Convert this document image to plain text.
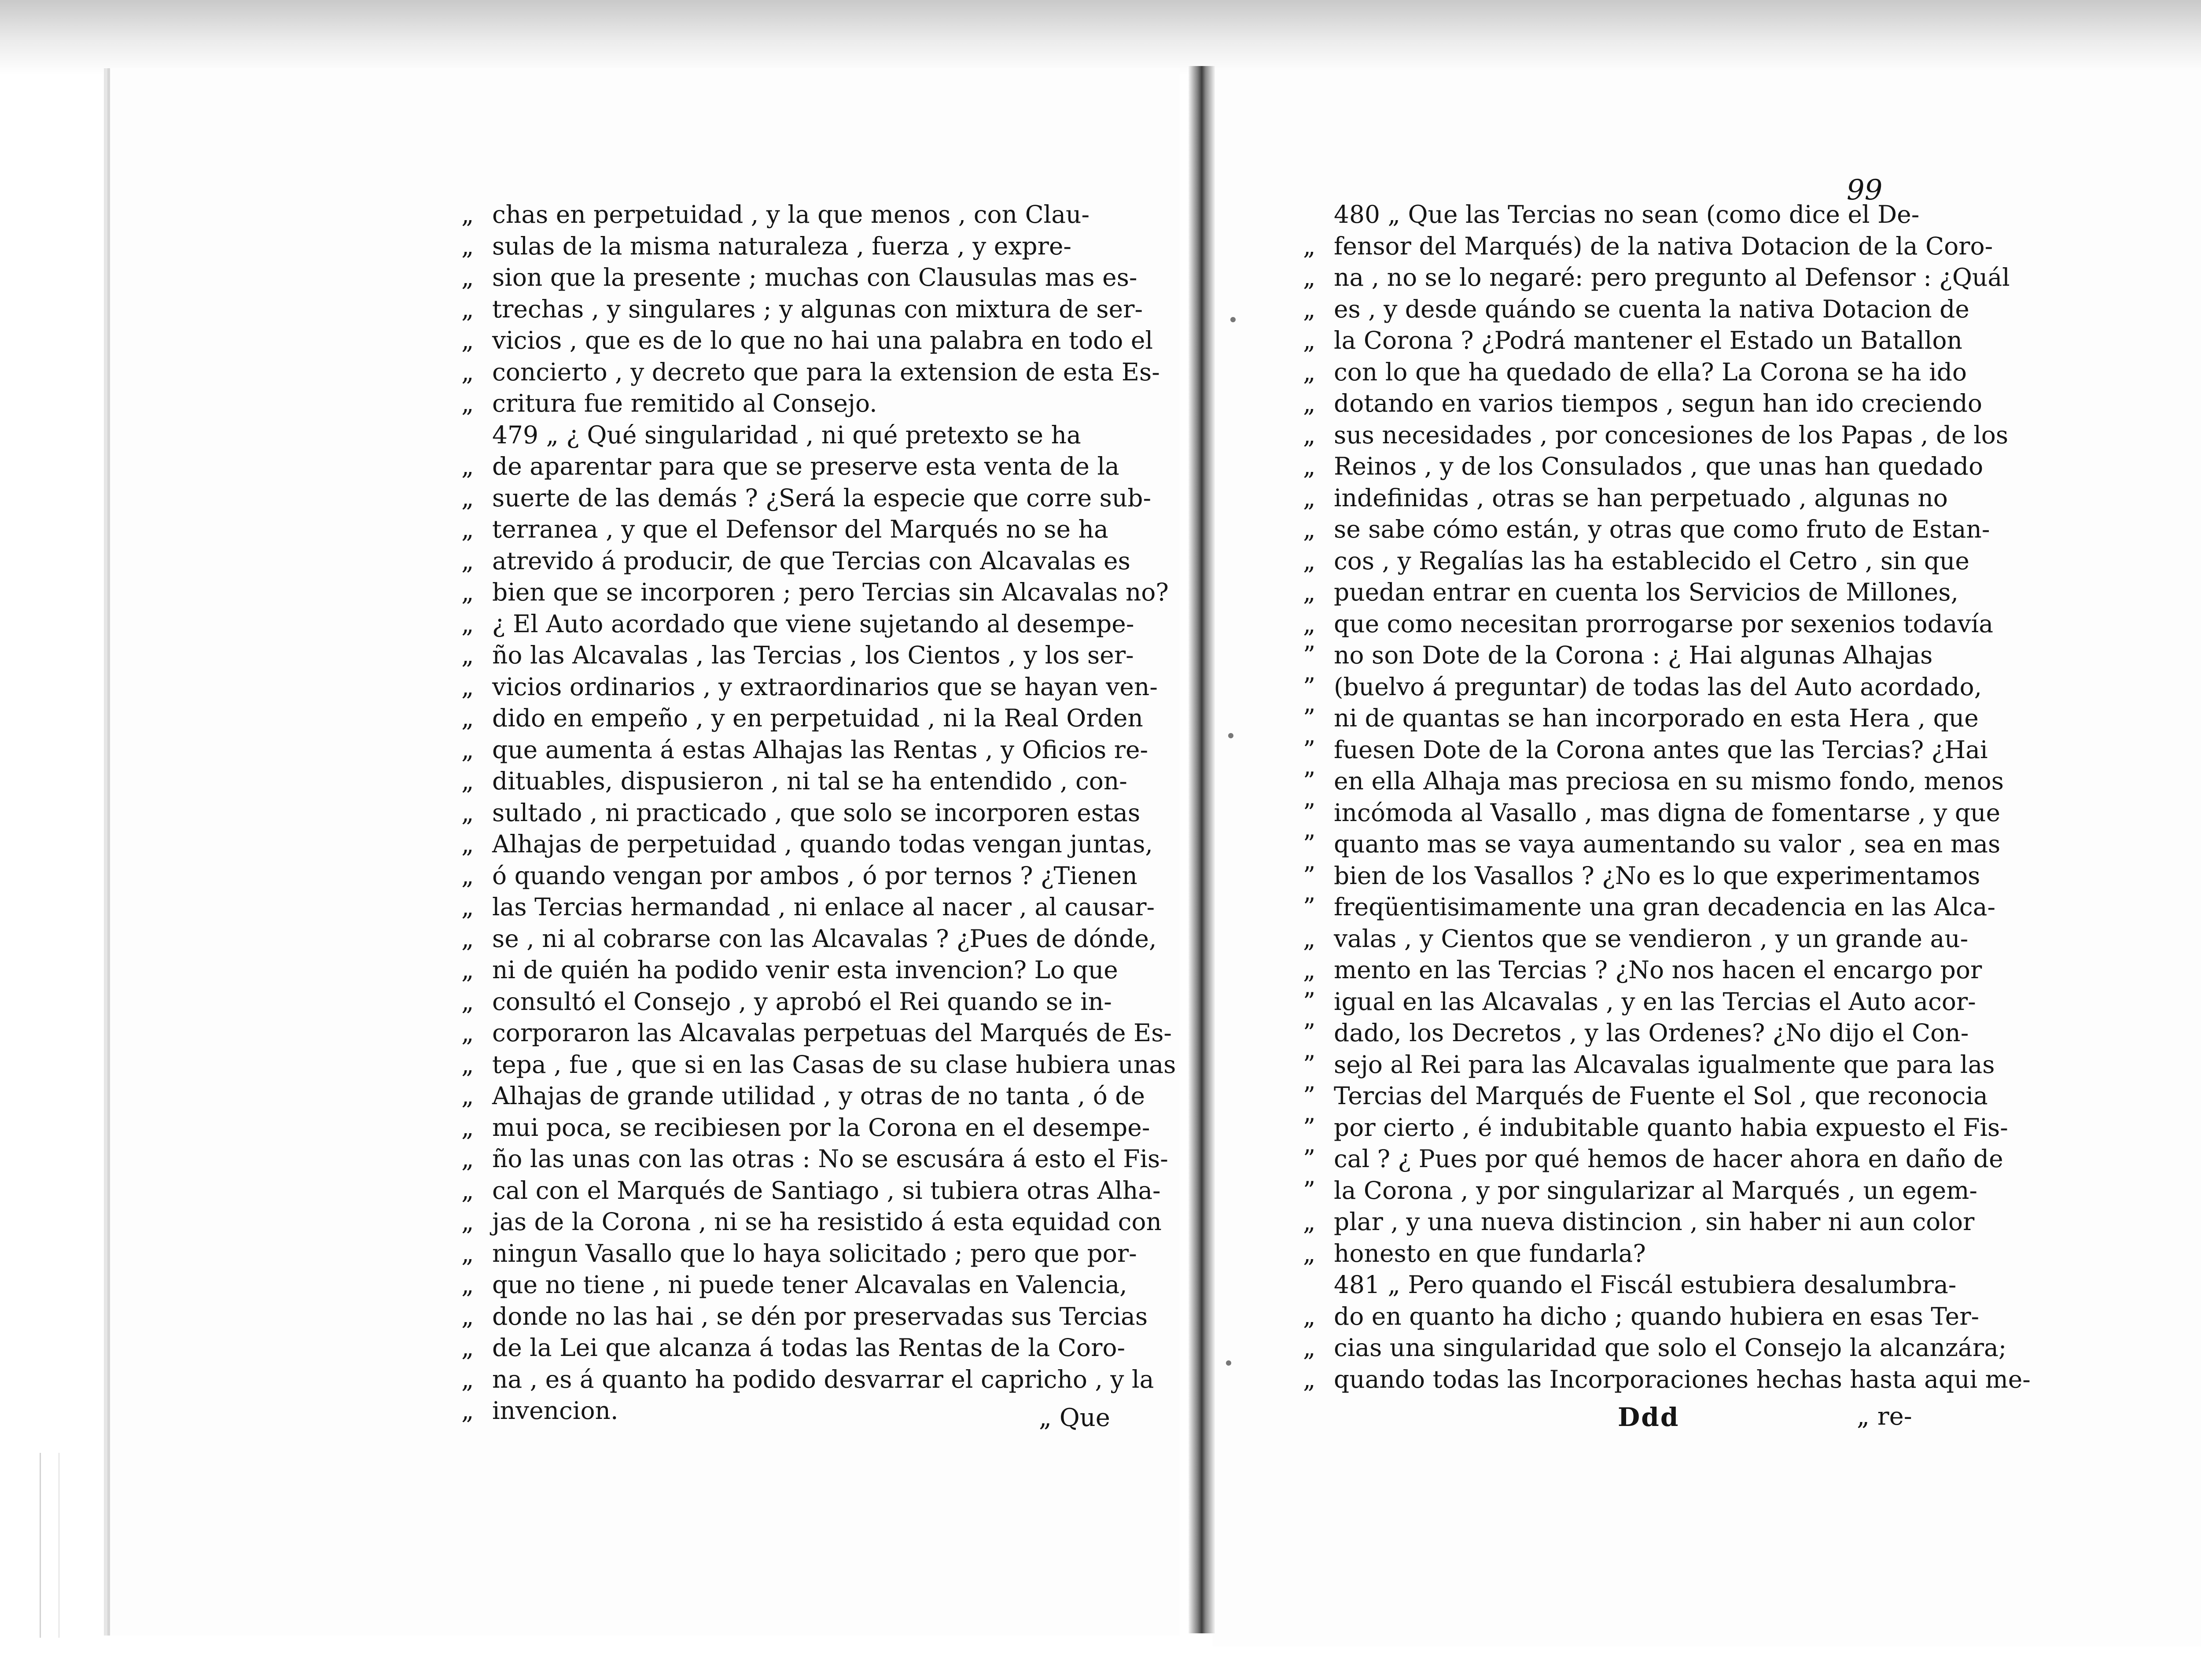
„ chas en perpetuidad , y la que menos , con Clau-
„ sulas de la misma naturaleza , fuerza , y expre-
„ sion que la presente ; muchas con Clausulas mas es-
„ trechas , y singulares ; y algunas con mixtura de ser-
„ vicios , que es de lo que no hai una palabra en todo el
„ concierto , y decreto que para la extension de esta Es-
„ critura fue remitido al Consejo.
479 „ ¿ Qué singularidad , ni qué pretexto se ha
„ de aparentar para que se preserve esta venta de la
„ suerte de las demás ? ¿Será la especie que corre sub-
„ terranea , y que el Defensor del Marqués no se ha
„ atrevido á producir, de que Tercias con Alcavalas es
„ bien que se incorporen ; pero Tercias sin Alcavalas no?
„ ¿ El Auto acordado que viene sujetando al desempe-
„ ño las Alcavalas , las Tercias , los Cientos , y los ser-
„ vicios ordinarios , y extraordinarios que se hayan ven-
„ dido en empeño , y en perpetuidad , ni la Real Orden
„ que aumenta á estas Alhajas las Rentas , y Oficios re-
„ dituables, dispusieron , ni tal se ha entendido , con-
„ sultado , ni practicado , que solo se incorporen estas
„ Alhajas de perpetuidad , quando todas vengan juntas,
„ ó quando vengan por ambos , ó por ternos ? ¿Tienen
„ las Tercias hermandad , ni enlace al nacer , al causar-
„ se , ni al cobrarse con las Alcavalas ? ¿Pues de dónde,
„ ni de quién ha podido venir esta invencion? Lo que
„ consultó el Consejo , y aprobó el Rei quando se in-
„ corporaron las Alcavalas perpetuas del Marqués de Es-
„ tepa , fue , que si en las Casas de su clase hubiera unas
„ Alhajas de grande utilidad , y otras de no tanta , ó de
„ mui poca, se recibiesen por la Corona en el desempe-
„ ño las unas con las otras : No se escusára á esto el Fis-
„ cal con el Marqués de Santiago , si tubiera otras Alha-
„ jas de la Corona , ni se ha resistido á esta equidad con
„ ningun Vasallo que lo haya solicitado ; pero que por-
„ que no tiene , ni puede tener Alcavalas en Valencia,
„ donde no las hai , se dén por preservadas sus Tercias
„ de la Lei que alcanza á todas las Rentas de la Coro-
„ na , es á quanto ha podido desvarrar el capricho , y la
„ invencion.	„ Que
99
480 „ Que las Tercias no sean (como dice el De-
„ fensor del Marqués) de la nativa Dotacion de la Coro-
„ na , no se lo negaré: pero pregunto al Defensor : ¿Quál
„ es , y desde quándo se cuenta la nativa Dotacion de
„ la Corona ? ¿Podrá mantener el Estado un Batallon
„ con lo que ha quedado de ella? La Corona se ha ido
„ dotando en varios tiempos , segun han ido creciendo
„ sus necesidades , por concesiones de los Papas , de los
„ Reinos , y de los Consulados , que unas han quedado
„ indefinidas , otras se han perpetuado , algunas no
„ se sabe cómo están, y otras que como fruto de Estan-
„ cos , y Regalías las ha establecido el Cetro , sin que
„ puedan entrar en cuenta los Servicios de Millones,
„ que como necesitan prorrogarse por sexenios todavía
” no son Dote de la Corona : ¿ Hai algunas Alhajas
” (buelvo á preguntar) de todas las del Auto acordado,
” ni de quantas se han incorporado en esta Hera , que
” fuesen Dote de la Corona antes que las Tercias? ¿Hai
” en ella Alhaja mas preciosa en su mismo fondo, menos
” incómoda al Vasallo , mas digna de fomentarse , y que
” quanto mas se vaya aumentando su valor , sea en mas
” bien de los Vasallos ? ¿No es lo que experimentamos
” freqüentisimamente una gran decadencia en las Alca-
„ valas , y Cientos que se vendieron , y un grande au-
„ mento en las Tercias ? ¿No nos hacen el encargo por
” igual en las Alcavalas , y en las Tercias el Auto acor-
” dado, los Decretos , y las Ordenes? ¿No dijo el Con-
” sejo al Rei para las Alcavalas igualmente que para las
” Tercias del Marqués de Fuente el Sol , que reconocia
” por cierto , é indubitable quanto habia expuesto el Fis-
” cal ? ¿ Pues por qué hemos de hacer ahora en daño de
” la Corona , y por singularizar al Marqués , un egem-
„ plar , y una nueva distincion , sin haber ni aun color
„ honesto en que fundarla?
481 „ Pero quando el Fiscál estubiera desalumbra-
„ do en quanto ha dicho ; quando hubiera en esas Ter-
„ cias una singularidad que solo el Consejo la alcanzára;
„ quando todas las Incorporaciones hechas hasta aqui me-
Ddd	„ re-
